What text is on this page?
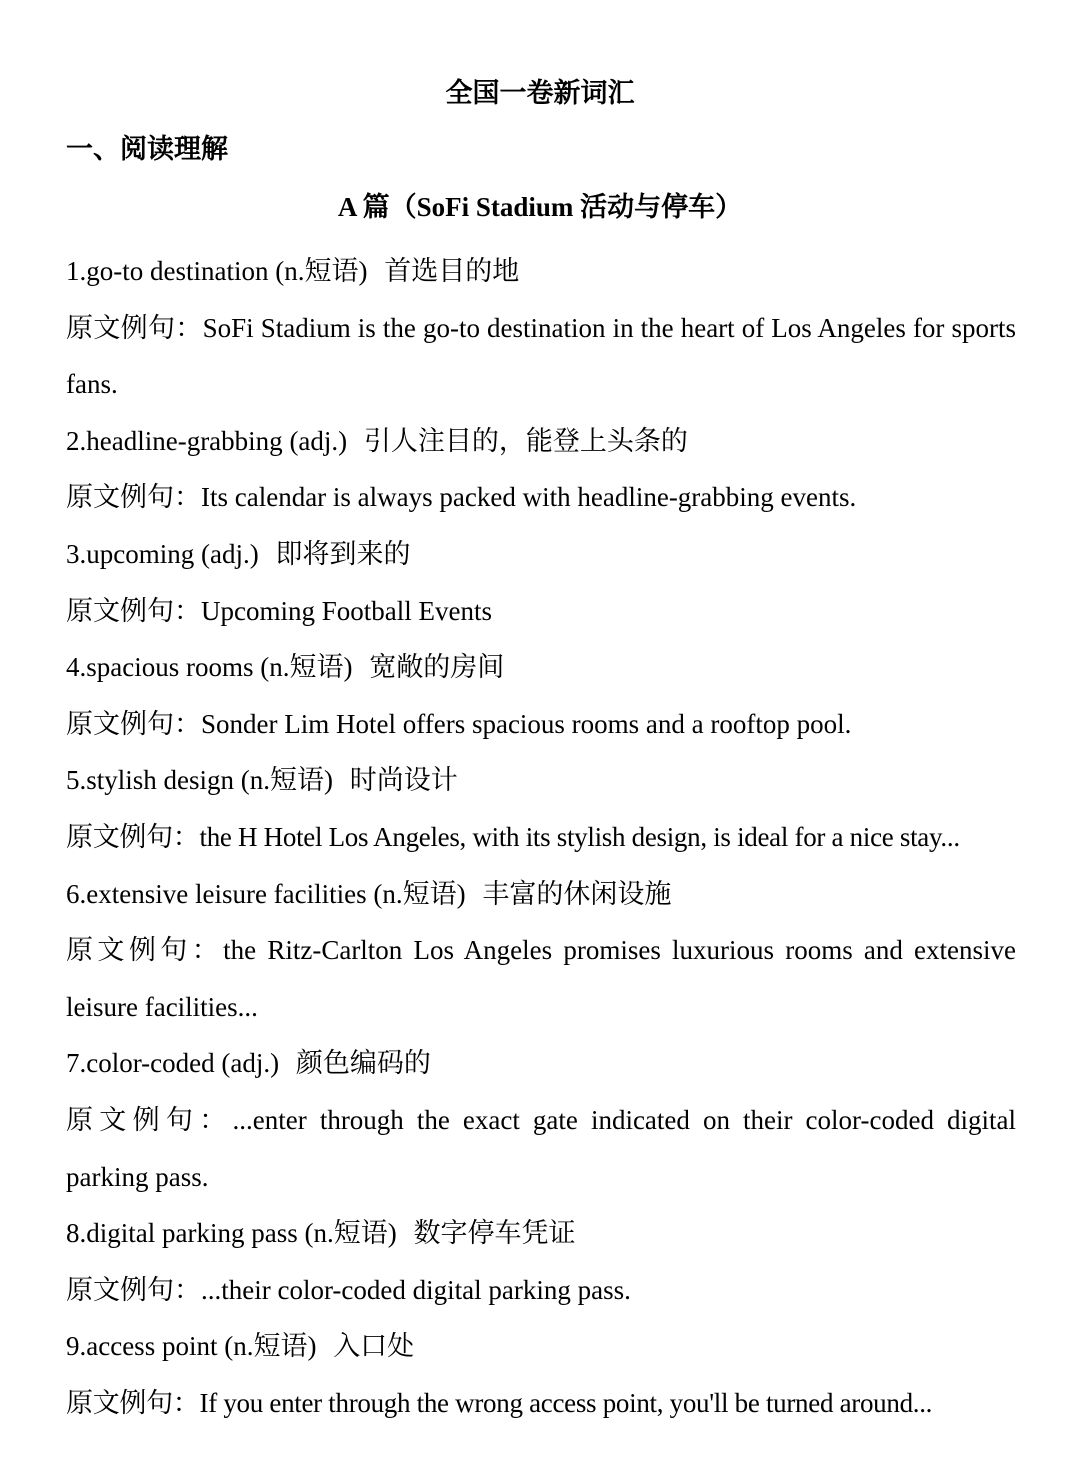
全国一卷新词汇
一、阅读理解
A 篇（SoFi Stadium 活动与停车）
1.go-to destination (n.短语) 首选目的地
原文例句：SoFi Stadium is the go-to destination in the heart of Los Angeles for sports fans.
2.headline-grabbing (adj.) 引人注目的，能登上头条的
原文例句：Its calendar is always packed with headline-grabbing events.
3.upcoming (adj.) 即将到来的
原文例句：Upcoming Football Events
4.spacious rooms (n.短语) 宽敞的房间
原文例句：Sonder Lim Hotel offers spacious rooms and a rooftop pool.
5.stylish design (n.短语) 时尚设计
原文例句：the H Hotel Los Angeles, with its stylish design, is ideal for a nice stay...
6.extensive leisure facilities (n.短语) 丰富的休闲设施
原文例句：the Ritz-Carlton Los Angeles promises luxurious rooms and extensive leisure facilities...
7.color-coded (adj.) 颜色编码的
原文例句：...enter through the exact gate indicated on their color-coded digital parking pass.
8.digital parking pass (n.短语) 数字停车凭证
原文例句：...their color-coded digital parking pass.
9.access point (n.短语) 入口处
原文例句：If you enter through the wrong access point, you'll be turned around...
